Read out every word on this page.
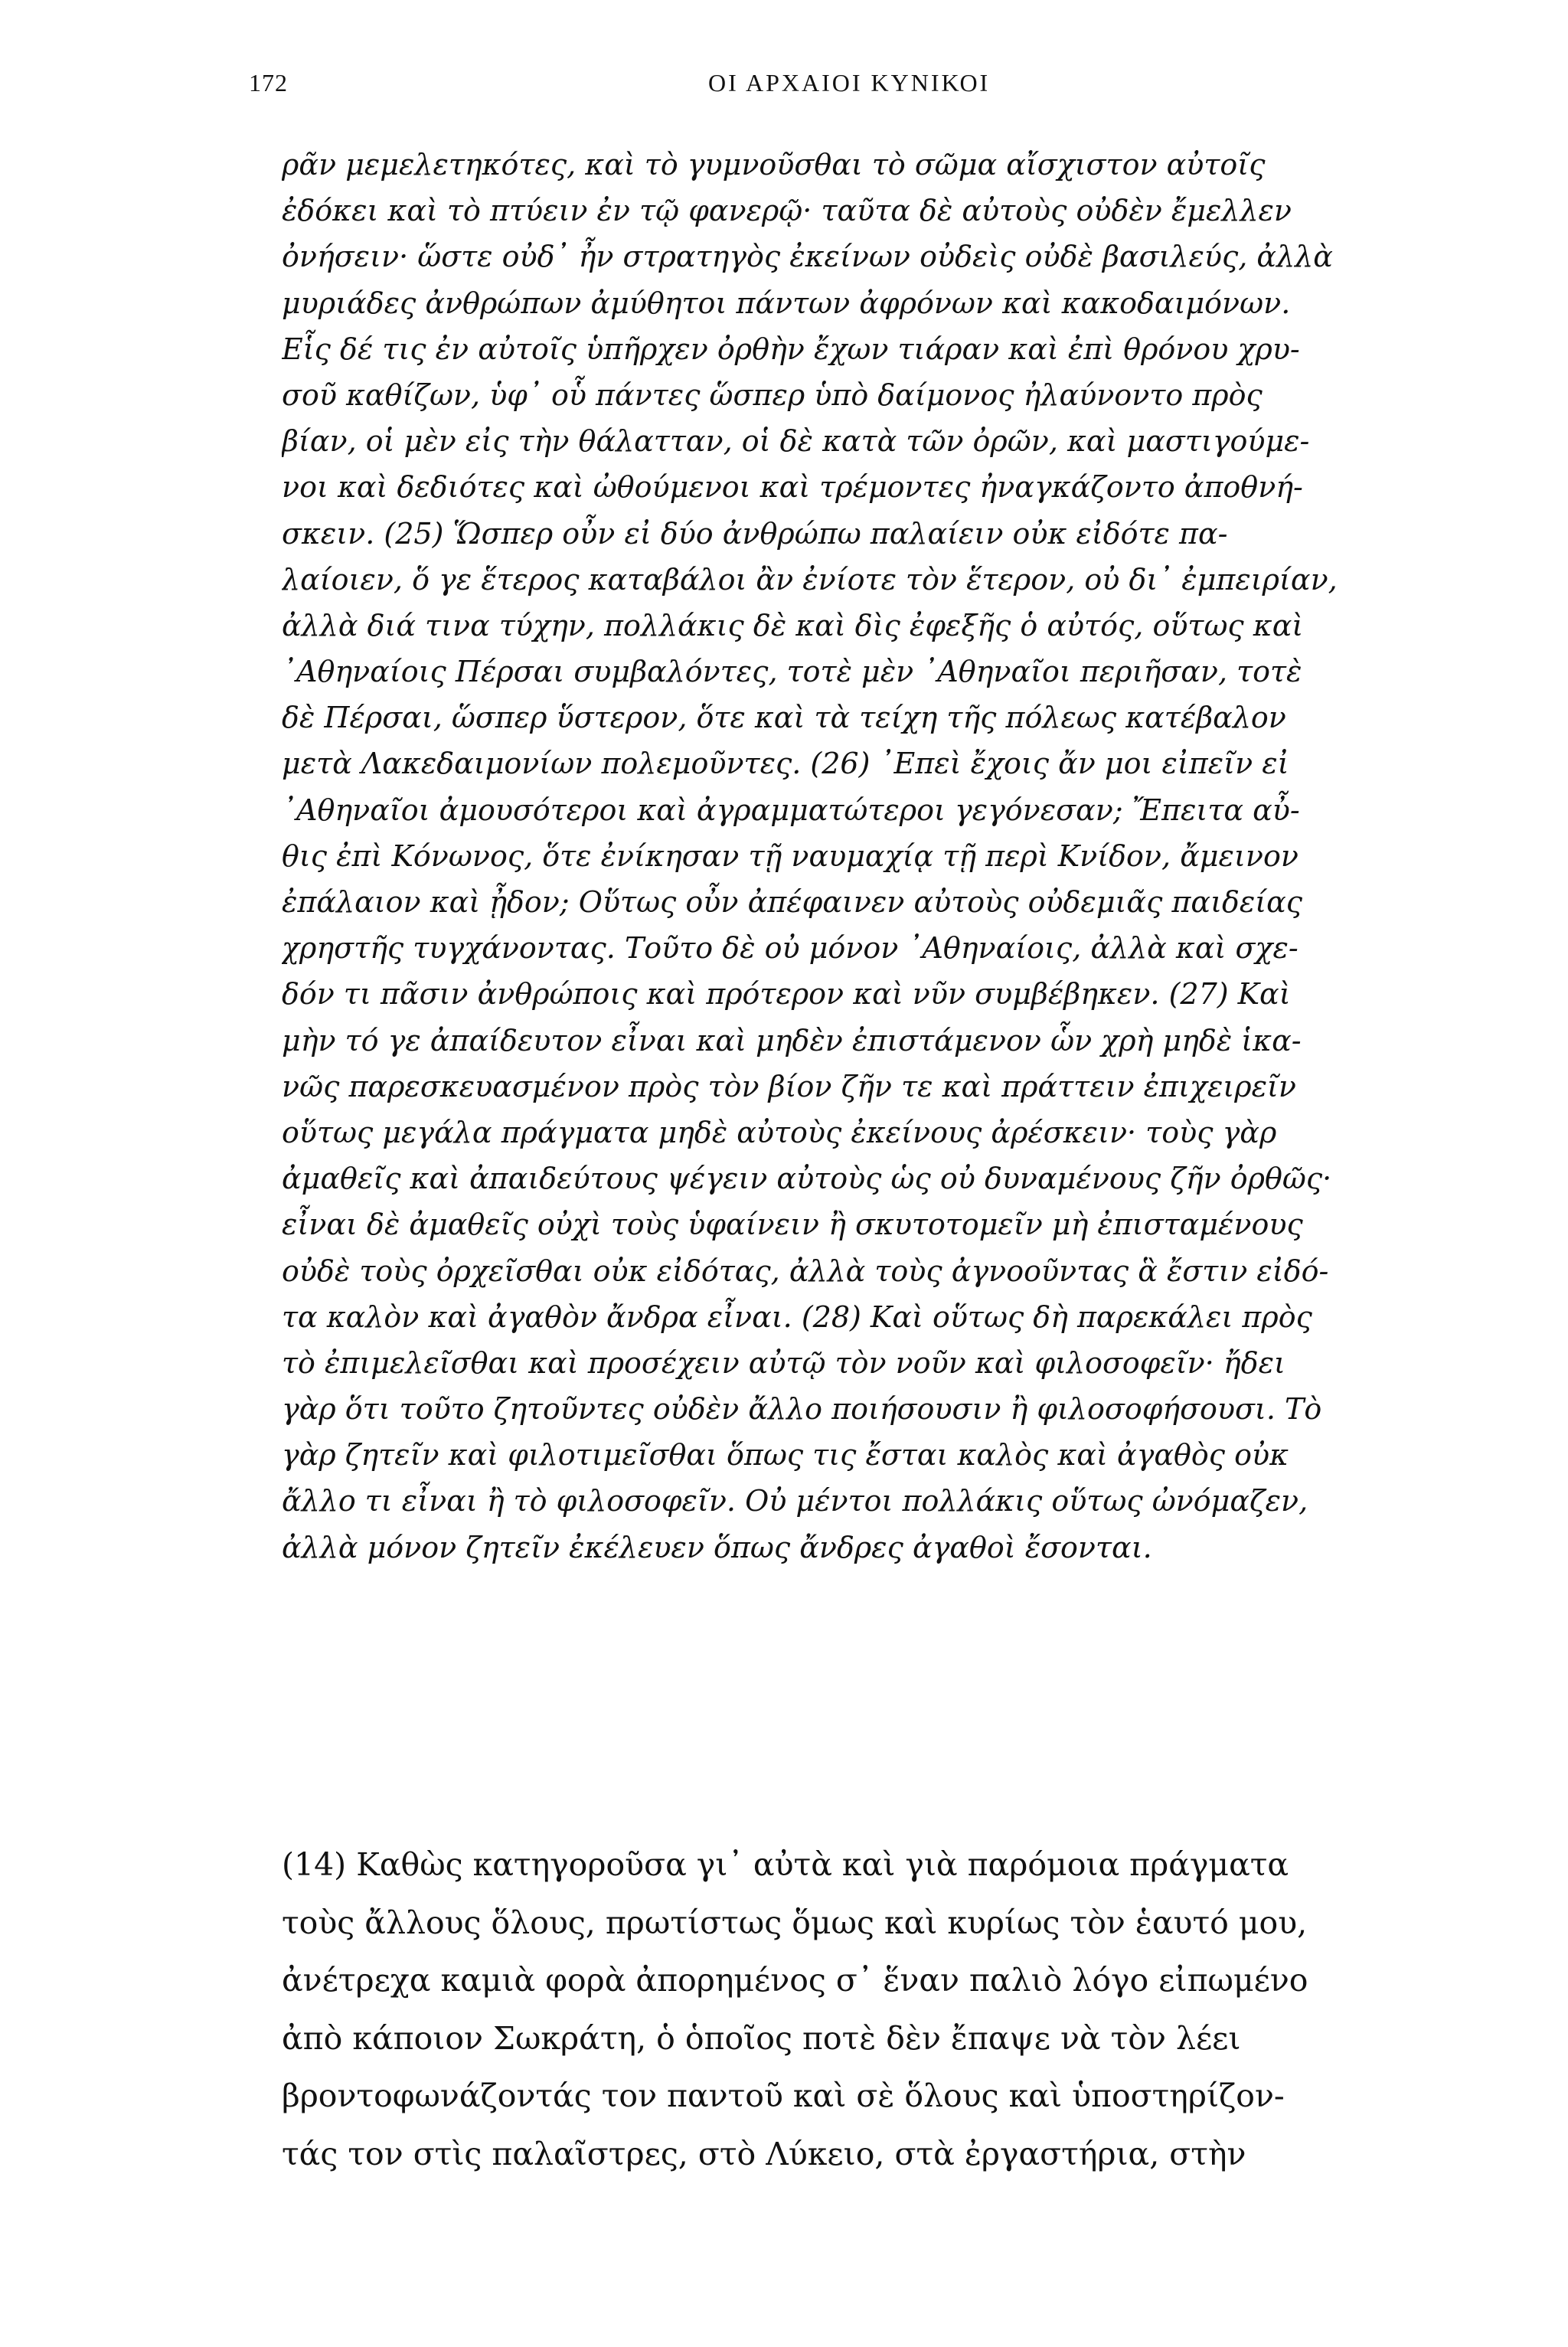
172	ΟΙ ΑΡΧΑΙΟΙ ΚΥΝΙΚΟΙ
ρᾶν μεμελετηκότες, καὶ τὸ γυμνοῦσθαι τὸ σῶμα αἴσχιστον αὐτοῖς
ἐδόκει καὶ τὸ πτύειν ἐν τῷ φανερῷ· ταῦτα δὲ αὐτοὺς οὐδὲν ἔμελλεν
ὀνήσειν· ὥστε οὐδ᾿ ἦν στρατηγὸς ἐκείνων οὐδεὶς οὐδὲ βασιλεύς, ἀλλὰ
μυριάδες ἀνθρώπων ἀμύθητοι πάντων ἀφρόνων καὶ κακοδαιμόνων.
Εἷς δέ τις ἐν αὐτοῖς ὑπῆρχεν ὀρθὴν ἔχων τιάραν καὶ ἐπὶ θρόνου χρυ-
σοῦ καθίζων, ὑφ᾿ οὗ πάντες ὥσπερ ὑπὸ δαίμονος ἠλαύνοντο πρὸς
βίαν, οἱ μὲν εἰς τὴν θάλατταν, οἱ δὲ κατὰ τῶν ὀρῶν, καὶ μαστιγούμε-
νοι καὶ δεδιότες καὶ ὠθούμενοι καὶ τρέμοντες ἠναγκάζοντο ἀποθνή-
σκειν. (25) Ὥσπερ οὖν εἰ δύο ἀνθρώπω παλαίειν οὐκ εἰδότε πα-
λαίοιεν, ὅ γε ἕτερος καταβάλοι ἂν ἐνίοτε τὸν ἕτερον, οὐ δι᾿ ἐμπειρίαν,
ἀλλὰ διά τινα τύχην, πολλάκις δὲ καὶ δὶς ἐφεξῆς ὁ αὐτός, οὕτως καὶ
᾿Αθηναίοις Πέρσαι συμβαλόντες, τοτὲ μὲν ᾿Αθηναῖοι περιῆσαν, τοτὲ
δὲ Πέρσαι, ὥσπερ ὕστερον, ὅτε καὶ τὰ τείχη τῆς πόλεως κατέβαλον
μετὰ Λακεδαιμονίων πολεμοῦντες. (26) ᾿Επεὶ ἔχοις ἄν μοι εἰπεῖν εἰ
᾿Αθηναῖοι ἀμουσότεροι καὶ ἀγραμματώτεροι γεγόνεσαν; Ἔπειτα αὖ-
θις ἐπὶ Κόνωνος, ὅτε ἐνίκησαν τῇ ναυμαχίᾳ τῇ περὶ Κνίδον, ἄμεινον
ἐπάλαιον καὶ ᾖδον; Οὕτως οὖν ἀπέφαινεν αὐτοὺς οὐδεμιᾶς παιδείας
χρηστῆς τυγχάνοντας. Τοῦτο δὲ οὐ μόνον ᾿Αθηναίοις, ἀλλὰ καὶ σχε-
δόν τι πᾶσιν ἀνθρώποις καὶ πρότερον καὶ νῦν συμβέβηκεν. (27) Καὶ
μὴν τό γε ἀπαίδευτον εἶναι καὶ μηδὲν ἐπιστάμενον ὧν χρὴ μηδὲ ἱκα-
νῶς παρεσκευασμένον πρὸς τὸν βίον ζῆν τε καὶ πράττειν ἐπιχειρεῖν
οὕτως μεγάλα πράγματα μηδὲ αὐτοὺς ἐκείνους ἀρέσκειν· τοὺς γὰρ
ἀμαθεῖς καὶ ἀπαιδεύτους ψέγειν αὐτοὺς ὡς οὐ δυναμένους ζῆν ὀρθῶς·
εἶναι δὲ ἀμαθεῖς οὐχὶ τοὺς ὑφαίνειν ἢ σκυτοτομεῖν μὴ ἐπισταμένους
οὐδὲ τοὺς ὀρχεῖσθαι οὐκ εἰδότας, ἀλλὰ τοὺς ἀγνοοῦντας ἃ ἔστιν εἰδό-
τα καλὸν καὶ ἀγαθὸν ἄνδρα εἶναι. (28) Καὶ οὕτως δὴ παρεκάλει πρὸς
τὸ ἐπιμελεῖσθαι καὶ προσέχειν αὐτῷ τὸν νοῦν καὶ φιλοσοφεῖν· ἤδει
γὰρ ὅτι τοῦτο ζητοῦντες οὐδὲν ἄλλο ποιήσουσιν ἢ φιλοσοφήσουσι. Τὸ
γὰρ ζητεῖν καὶ φιλοτιμεῖσθαι ὅπως τις ἔσται καλὸς καὶ ἀγαθὸς οὐκ
ἄλλο τι εἶναι ἢ τὸ φιλοσοφεῖν. Οὐ μέντοι πολλάκις οὕτως ὠνόμαζεν,
ἀλλὰ μόνον ζητεῖν ἐκέλευεν ὅπως ἄνδρες ἀγαθοὶ ἔσονται.
(14) Καθὼς κατηγοροῦσα γι᾿ αὐτὰ καὶ γιὰ παρόμοια πράγματα
τοὺς ἄλλους ὅλους, πρωτίστως ὅμως καὶ κυρίως τὸν ἑαυτό μου,
ἀνέτρεχα καμιὰ φορὰ ἀπορημένος σ᾿ ἕναν παλιὸ λόγο εἰπωμένο
ἀπὸ κάποιον Σωκράτη, ὁ ὁποῖος ποτὲ δὲν ἔπαψε νὰ τὸν λέει
βροντοφωνάζοντάς τον παντοῦ καὶ σὲ ὅλους καὶ ὑποστηρίζον-
τάς τον στὶς παλαῖστρες, στὸ Λύκειο, στὰ ἐργαστήρια, στὴν
